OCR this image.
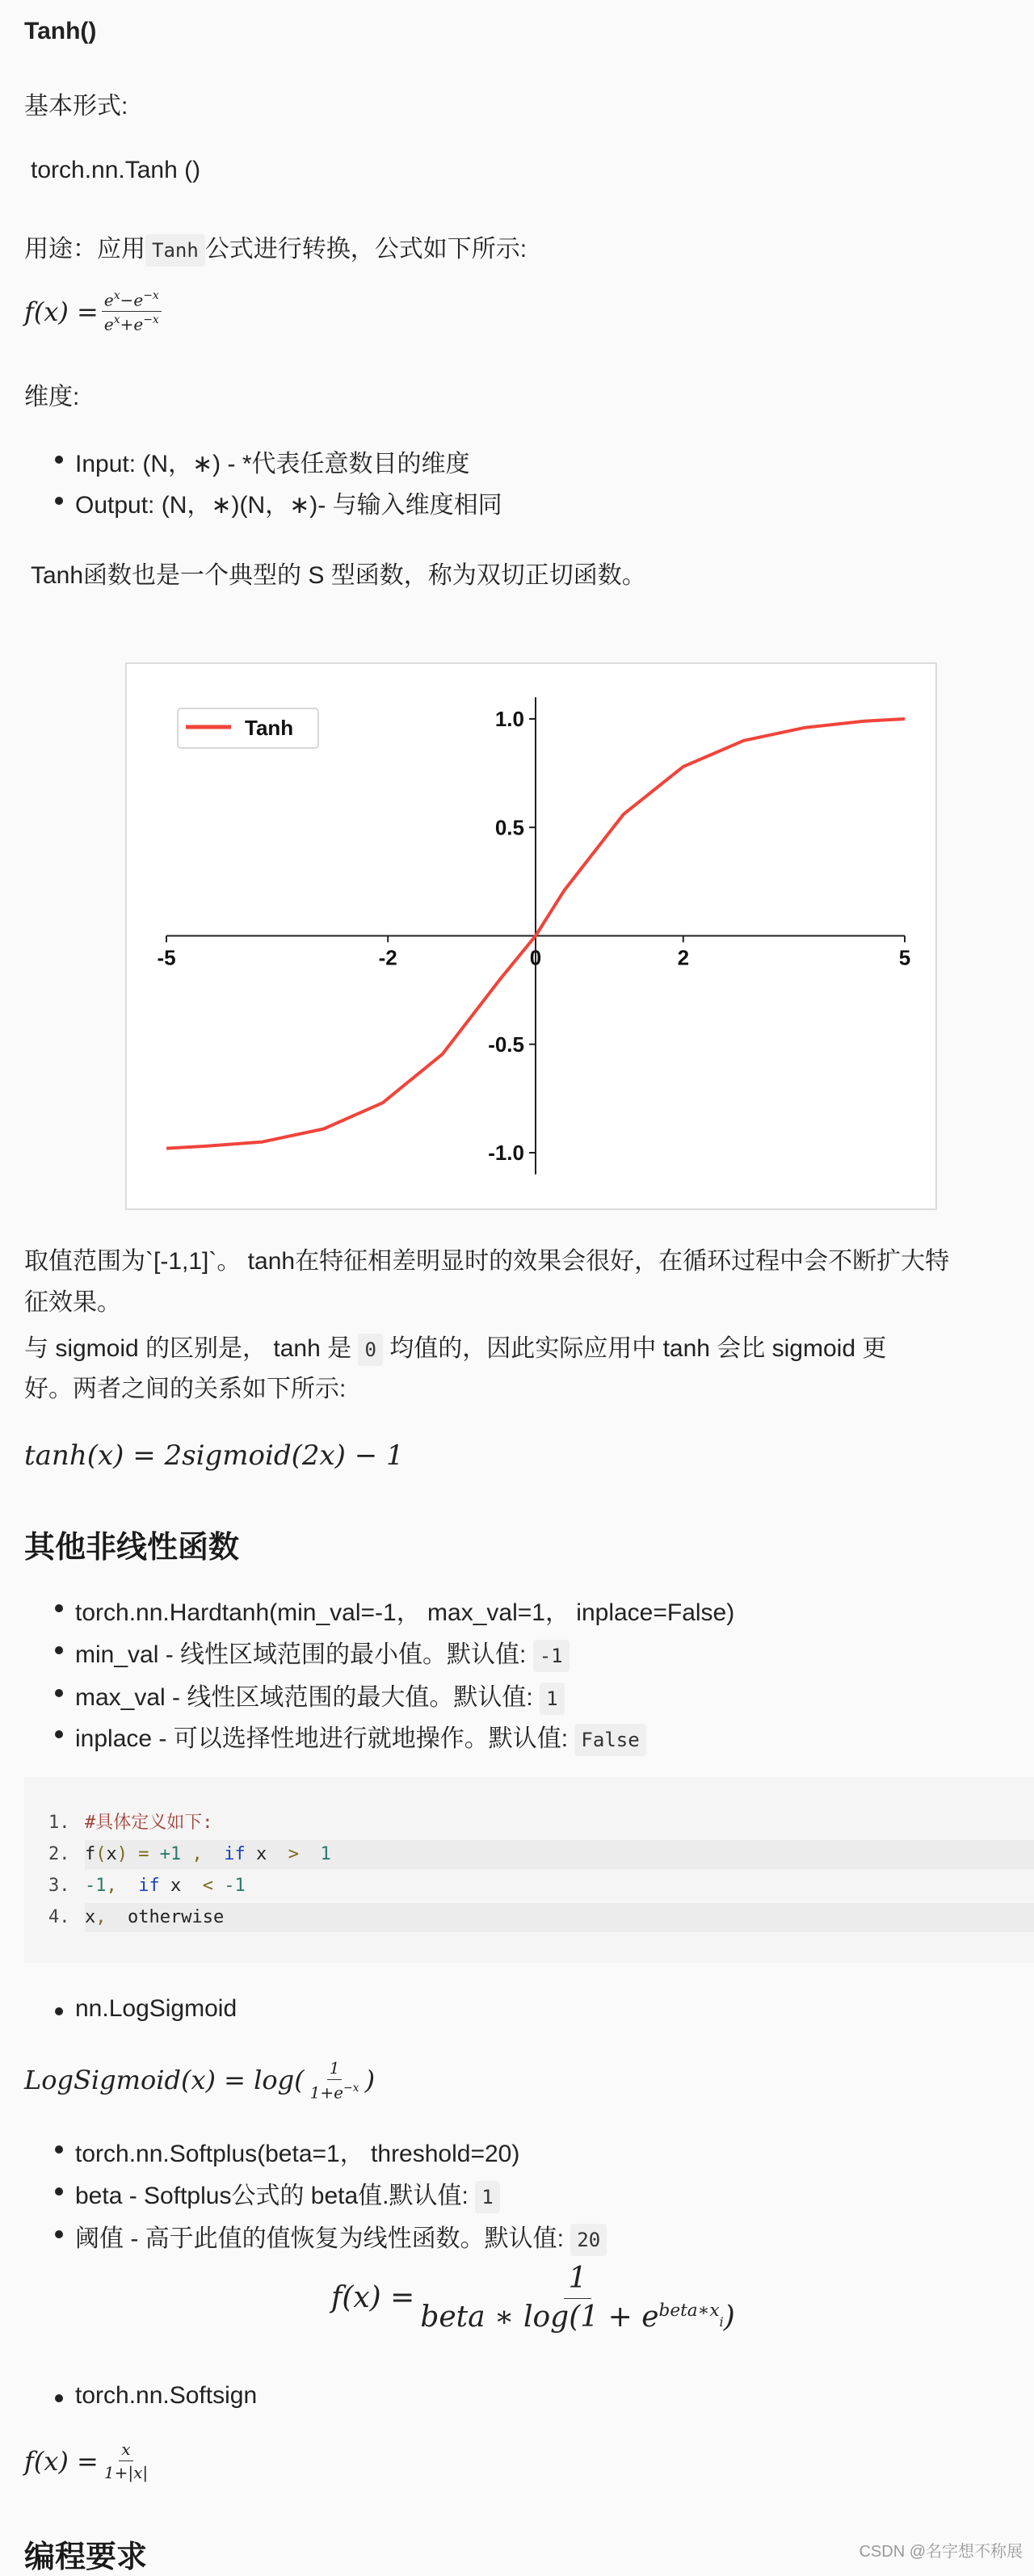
Tanh()
基本形式:
torch.nn.Tanh ()
用途：应用 Tanh 公式进行转换，公式如下所示:
$f(x) = \frac{e^x-e^{-x}}{e^x+e^{-x}}$
维度:
Input: (N，∗) - *代表任意数目的维度
Output: (N，∗)(N，∗)- 与输入维度相同
Tanh函数也是一个典型的 S 型函数，称为双切正切函数。
-5	-2	0	2	5
1.0
0.5
-0.5
-1.0
Tanh
取值范围为`[-1,1]`。 tanh在特征相差明显时的效果会很好，在循环过程中会不断扩大特
征效果。
与 sigmoid 的区别是， tanh 是 0 均值的，因此实际应用中 tanh 会比 sigmoid 更
好。两者之间的关系如下所示:
tanh(x) = 2sigmoid(2x) − 1
其他非线性函数
torch.nn.Hardtanh(min_val=-1， max_val=1， inplace=False)
min_val - 线性区域范围的最小值。默认值: -1
max_val - 线性区域范围的最大值。默认值: 1
inplace - 可以选择性地进行就地操作。默认值: False
1. #具体定义如下:
2. f(x) = +1 ,  if x  >  1
3. -1,  if x  < -1
4. x,  otherwise
nn.LogSigmoid
LogSigmoid(x) = $\log( \frac{1}{1+e^{-x}}$ )
torch.nn.Softplus(beta=1， threshold=20)
beta - Softplus公式的 beta值.默认值: 1
阈值 - 高于此值的值恢复为线性函数。默认值: 20
$f(x) = \frac{1}{beta ∗ \log(1 + e^{beta∗x}i)}$
torch.nn.Softsign
$f(x) = \frac{x}{1+|x|}$
编程要求	CSDN @名字想不称展
